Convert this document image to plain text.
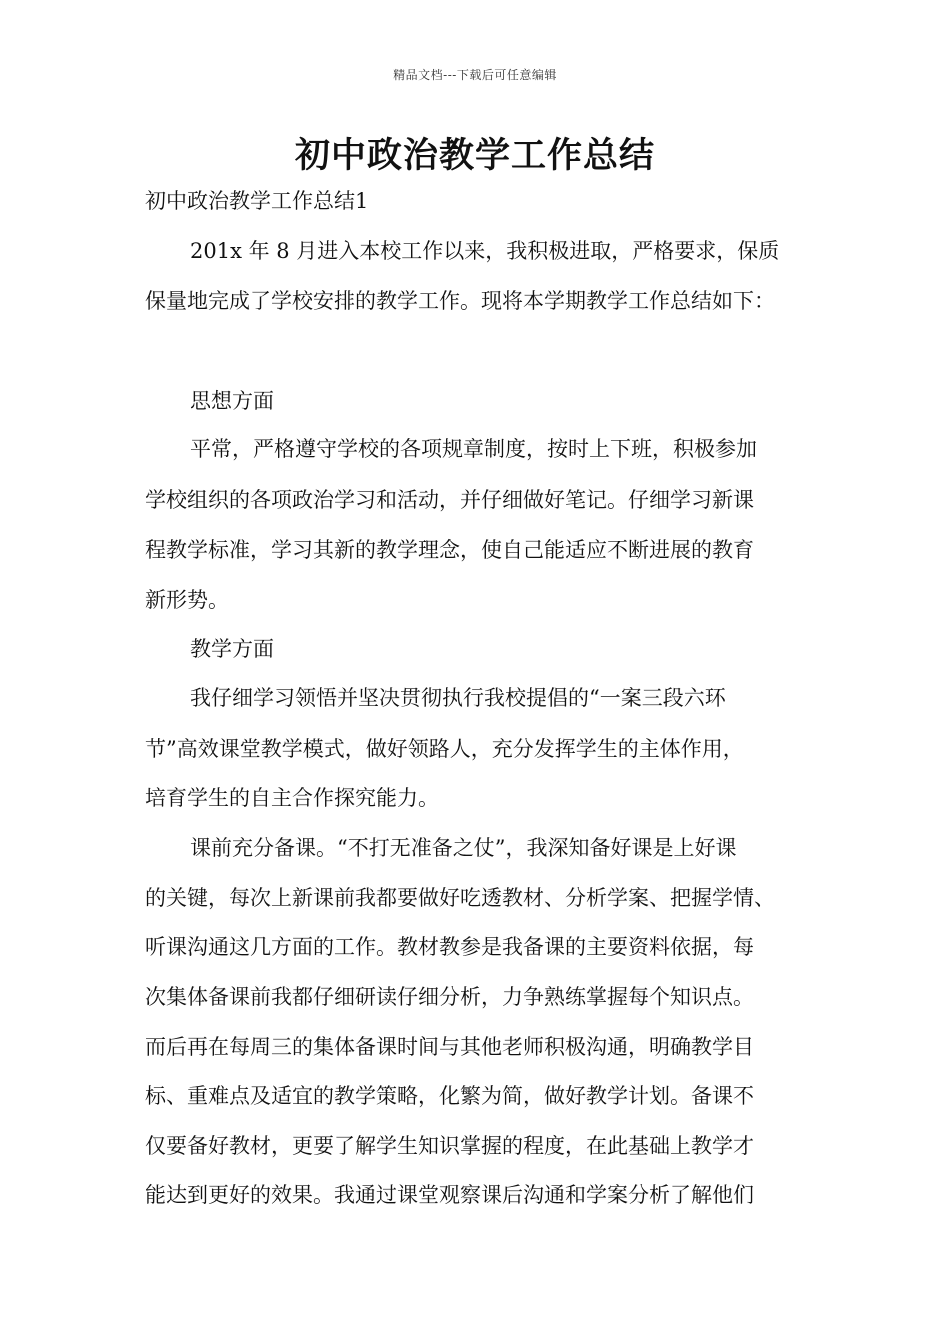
精品文档---下载后可任意编辑
初中政治教学工作总结
初中政治教学工作总结1
201x 年 8 月进入本校工作以来，我积极进取，严格要求，保质
保量地完成了学校安排的教学工作。现将本学期教学工作总结如下：
思想方面
平常，严格遵守学校的各项规章制度，按时上下班，积极参加
学校组织的各项政治学习和活动，并仔细做好笔记。仔细学习新课
程教学标准，学习其新的教学理念，使自己能适应不断进展的教育
新形势。
教学方面
我仔细学习领悟并坚决贯彻执行我校提倡的“一案三段六环
节”高效课堂教学模式，做好领路人，充分发挥学生的主体作用，
培育学生的自主合作探究能力。
课前充分备课。“不打无准备之仗”，我深知备好课是上好课
的关键，每次上新课前我都要做好吃透教材、分析学案、把握学情、
听课沟通这几方面的工作。教材教参是我备课的主要资料依据，每
次集体备课前我都仔细研读仔细分析，力争熟练掌握每个知识点。
而后再在每周三的集体备课时间与其他老师积极沟通，明确教学目
标、重难点及适宜的教学策略，化繁为简，做好教学计划。备课不
仅要备好教材，更要了解学生知识掌握的程度，在此基础上教学才
能达到更好的效果。我通过课堂观察课后沟通和学案分析了解他们
